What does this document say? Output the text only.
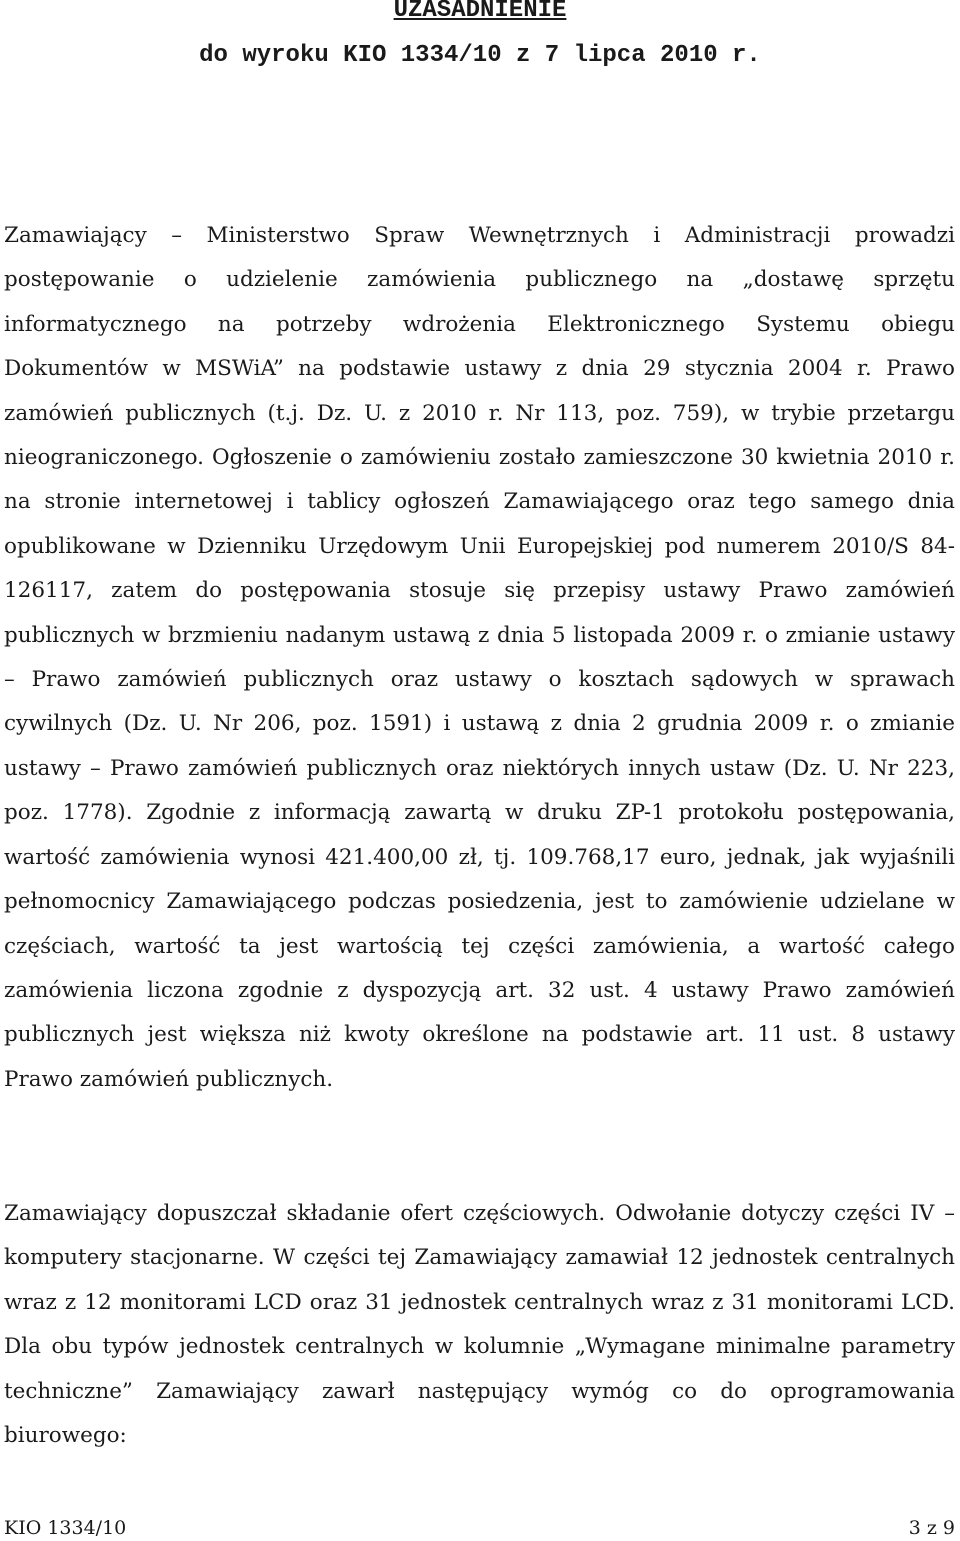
UZASADNIENIE
do wyroku KIO 1334/10 z 7 lipca 2010 r.

Zamawiający – Ministerstwo Spraw Wewnętrznych i Administracji prowadzi postępowanie o udzielenie zamówienia publicznego na „dostawę sprzętu informatycznego na potrzeby wdrożenia Elektronicznego Systemu obiegu Dokumentów w MSWiA” na podstawie ustawy z dnia 29 stycznia 2004 r. Prawo zamówień publicznych (t.j. Dz. U. z 2010 r. Nr 113, poz. 759), w trybie przetargu nieograniczonego. Ogłoszenie o zamówieniu zostało zamieszczone 30 kwietnia 2010 r. na stronie internetowej i tablicy ogłoszeń Zamawiającego oraz tego samego dnia opublikowane w Dzienniku Urzędowym Unii Europejskiej pod numerem 2010/S 84-126117, zatem do postępowania stosuje się przepisy ustawy Prawo zamówień publicznych w brzmieniu nadanym ustawą z dnia 5 listopada 2009 r. o zmianie ustawy – Prawo zamówień publicznych oraz ustawy o kosztach sądowych w sprawach cywilnych (Dz. U. Nr 206, poz. 1591) i ustawą z dnia 2 grudnia 2009 r. o zmianie ustawy – Prawo zamówień publicznych oraz niektórych innych ustaw (Dz. U. Nr 223, poz. 1778). Zgodnie z informacją zawartą w druku ZP-1 protokołu postępowania, wartość zamówienia wynosi 421.400,00 zł, tj. 109.768,17 euro, jednak, jak wyjaśnili pełnomocnicy Zamawiającego podczas posiedzenia, jest to zamówienie udzielane w częściach, wartość ta jest wartością tej części zamówienia, a wartość całego zamówienia liczona zgodnie z dyspozycją art. 32 ust. 4 ustawy Prawo zamówień publicznych jest większa niż kwoty określone na podstawie art. 11 ust. 8 ustawy Prawo zamówień publicznych.

Zamawiający dopuszczał składanie ofert częściowych. Odwołanie dotyczy części IV – komputery stacjonarne. W części tej Zamawiający zamawiał 12 jednostek centralnych wraz z 12 monitorami LCD oraz 31 jednostek centralnych wraz z 31 monitorami LCD. Dla obu typów jednostek centralnych w kolumnie „Wymagane minimalne parametry techniczne” Zamawiający zawarł następujący wymóg co do oprogramowania biurowego:

KIO 1334/10	3 z 9
